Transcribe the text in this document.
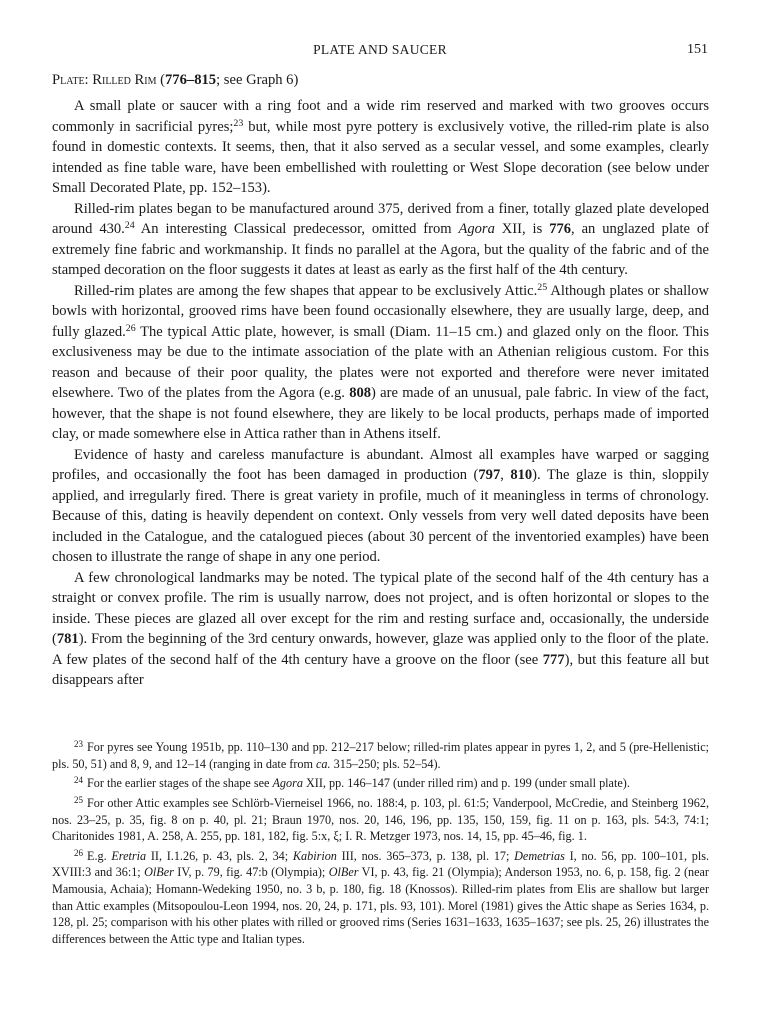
PLATE AND SAUCER	151
Plate: Rilled Rim (776–815; see Graph 6)

A small plate or saucer with a ring foot and a wide rim reserved and marked with two grooves occurs commonly in sacrificial pyres;$^{23}$ but, while most pyre pottery is exclusively votive, the rilled-rim plate is also found in domestic contexts. It seems, then, that it also served as a secular vessel, and some examples, clearly intended as fine table ware, have been embellished with rouletting or West Slope decoration (see below under Small Decorated Plate, pp. 152–153).

Rilled-rim plates began to be manufactured around 375, derived from a finer, totally glazed plate developed around 430.24 An interesting Classical predecessor, omitted from Agora XII, is 776, an unglazed plate of extremely fine fabric and workmanship. It finds no parallel at the Agora, but the quality of the fabric and of the stamped decoration on the floor suggests it dates at least as early as the first half of the 4th century.

Rilled-rim plates are among the few shapes that appear to be exclusively Attic.$^{25}$ Although plates or shallow bowls with horizontal, grooved rims have been found occasionally elsewhere, they are usually large, deep, and fully glazed.$^{26}$ The typical Attic plate, however, is small (Diam. 11–15 cm.) and glazed only on the floor. This exclusiveness may be due to the intimate association of the plate with an Athenian religious custom. For this reason and because of their poor quality, the plates were not exported and therefore were never imitated elsewhere. Two of the plates from the Agora (e.g. 808) are made of an unusual, pale fabric. In view of the fact, however, that the shape is not found elsewhere, they are likely to be local products, perhaps made of imported clay, or made somewhere else in Attica rather than in Athens itself.

Evidence of hasty and careless manufacture is abundant. Almost all examples have warped or sagging profiles, and occasionally the foot has been damaged in production (797, 810). The glaze is thin, sloppily applied, and irregularly fired. There is great variety in profile, much of it meaningless in terms of chronology. Because of this, dating is heavily dependent on context. Only vessels from very well dated deposits have been included in the Catalogue, and the catalogued pieces (about 30 percent of the inventoried examples) have been chosen to illustrate the range of shape in any one period.

A few chronological landmarks may be noted. The typical plate of the second half of the 4th century has a straight or convex profile. The rim is usually narrow, does not project, and is often horizontal or slopes to the inside. These pieces are glazed all over except for the rim and resting surface and, occasionally, the underside (781). From the beginning of the 3rd century onwards, however, glaze was applied only to the floor of the plate. A few plates of the second half of the 4th century have a groove on the floor (see 777), but this feature all but disappears after

$^{23}$ For pyres see Young 1951b, pp. 110–130 and pp. 212–217 below; rilled-rim plates appear in pyres 1, 2, and 5 (pre-Hellenistic; pls. 50, 51) and 8, 9, and 12–14 (ranging in date from ca. 315–250; pls. 52–54).

$^{24}$ For the earlier stages of the shape see Agora XII, pp. 146–147 (under rilled rim) and p. 199 (under small plate).

$^{25}$ For other Attic examples see Schlörb-Vierneisel 1966, no. 188:4, p. 103, pl. 61:5; Vanderpool, McCredie, and Steinberg 1962, nos. 23–25, p. 35, fig. 8 on p. 40, pl. 21; Braun 1970, nos. 20, 146, 196, pp. 135, 150, 159, fig. 11 on p. 163, pls. 54:3, 74:1; Charitonides 1981, A. 258, A. 255, pp. 181, 182, fig. 5:x, ξ; I. R. Metzger 1973, nos. 14, 15, pp. 45–46, fig. 1.

$^{26}$ E.g. Eretria II, I.1.26, p. 43, pls. 2, 34; Kabirion III, nos. 365–373, p. 138, pl. 17; Demetrias I, no. 56, pp. 100–101, pls. XVIII:3 and 36:1; OlBer IV, p. 79, fig. 47:b (Olympia); OlBer VI, p. 43, fig. 21 (Olympia); Anderson 1953, no. 6, p. 158, fig. 2 (near Mamousia, Achaia); Homann-Wedeking 1950, no. 3 b, p. 180, fig. 18 (Knossos). Rilled-rim plates from Elis are shallow but larger than Attic examples (Mitsopoulou-Leon 1994, nos. 20, 24, p. 171, pls. 93, 101). Morel (1981) gives the Attic shape as Series 1634, p. 128, pl. 25; comparison with his other plates with rilled or grooved rims (Series 1631–1633, 1635–1637; see pls. 25, 26) illustrates the differences between the Attic type and Italian types.
